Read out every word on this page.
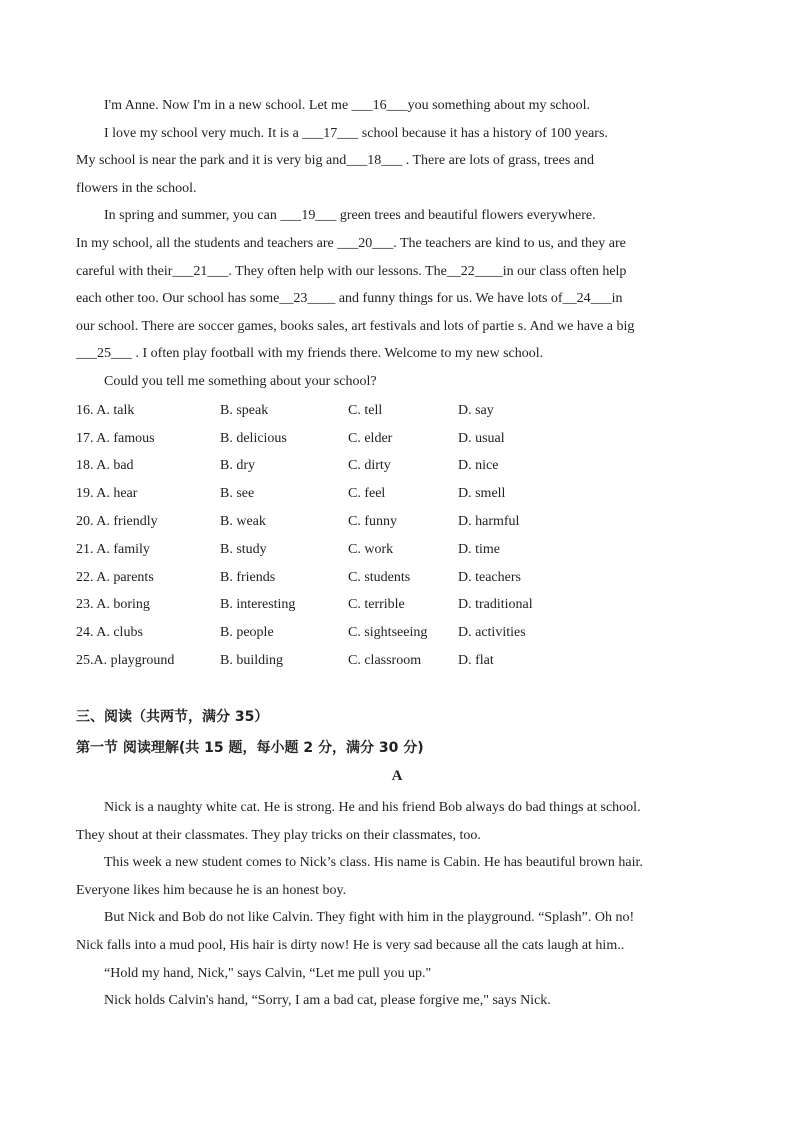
I'm Anne. Now I'm in a new school. Let me ___16___you something about my school.
I love my school very much. It is a ___17___ school because it has a history of 100 years.
My school is near the park and it is very big and___18___ . There are lots of grass, trees and
flowers in the school.
In spring and summer, you can ___19___ green trees and beautiful flowers everywhere.
In my school, all the students and teachers are ___20___. The teachers are kind to us, and they are
careful with their___21___. They often help with our lessons. The__22____in our class often help
each other too. Our school has some__23____ and funny things for us. We have lots of__24___in
our school. There are soccer games, books sales, art festivals and lots of partie s. And we have a big
___25___ . I often play football with my friends there. Welcome to my new school.
Could you tell me something about your school?
16. A. talk	B. speak	C. tell	D. say
17. A. famous	B. delicious	C. elder	D. usual
18. A. bad	B. dry	C. dirty	D. nice
19. A. hear	B. see	C. feel	D. smell
20. A. friendly	B. weak	C. funny	D. harmful
21. A. family	B. study	C. work	D. time
22. A. parents	B. friends	C. students	D. teachers
23. A. boring	B. interesting	C. terrible	D. traditional
24. A. clubs	B. people	C. sightseeing	D. activities
25.A. playground	B. building	C. classroom	D. flat
三、阅读（共两节，满分 35）
第一节 阅读理解(共 15 题，每小题 2 分，满分 30 分)
A
Nick is a naughty white cat. He is strong. He and his friend Bob always do bad things at school.
They shout at their classmates. They play tricks on their classmates, too.
This week a new student comes to Nick’s class. His name is Cabin. He has beautiful brown hair.
Everyone likes him because he is an honest boy.
But Nick and Bob do not like Calvin. They fight with him in the playground. “Splash”. Oh no!
Nick falls into a mud pool, His hair is dirty now! He is very sad because all the cats laugh at him..
“Hold my hand, Nick," says Calvin, “Let me pull you up."
Nick holds Calvin's hand, “Sorry, I am a bad cat, please forgive me," says Nick.
